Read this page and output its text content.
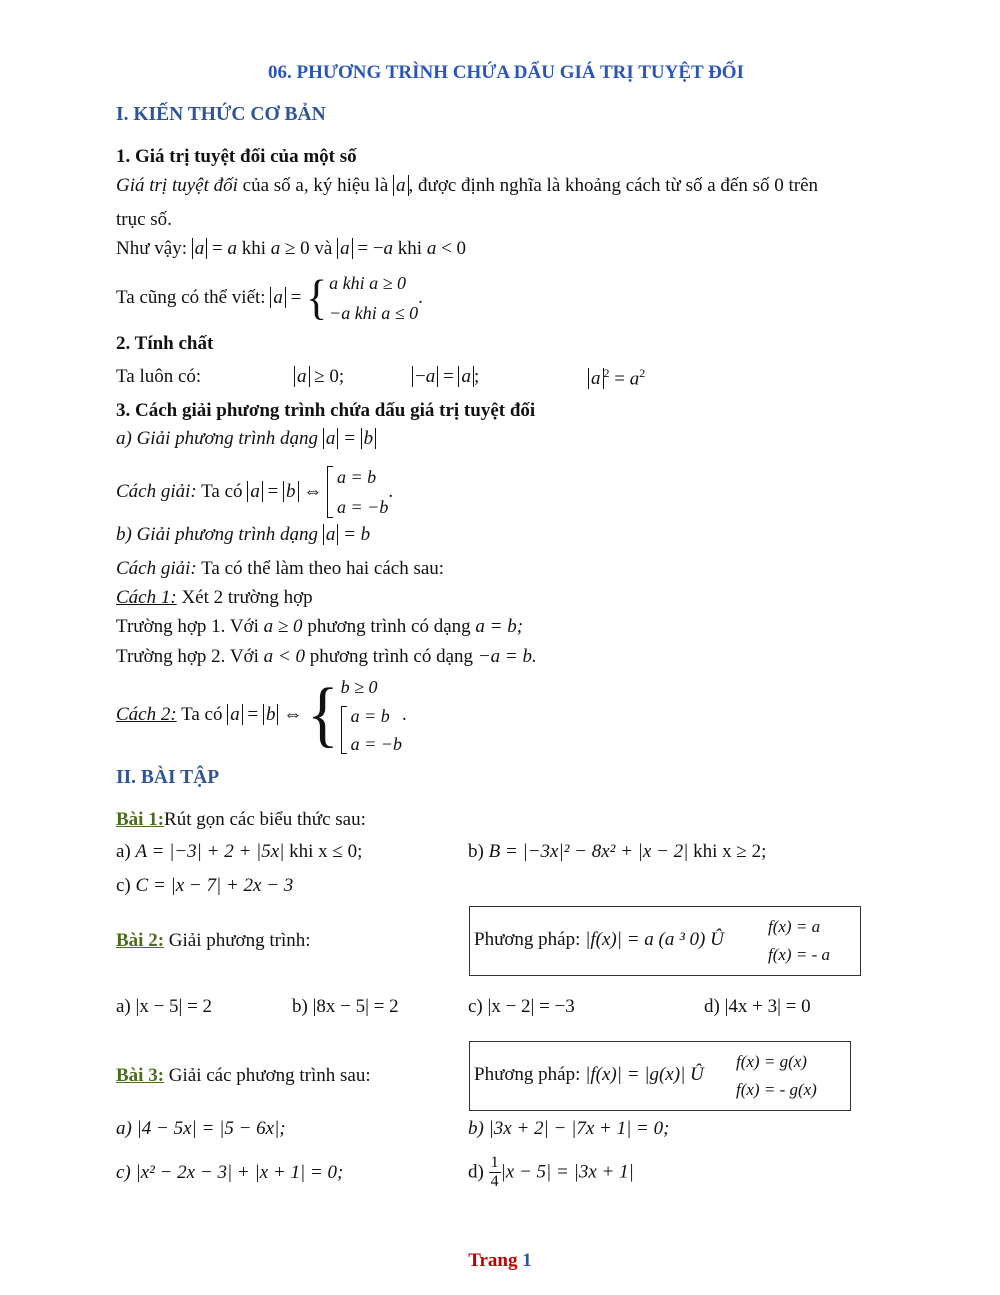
06. PHƯƠNG TRÌNH CHỨA DẤU GIÁ TRỊ TUYỆT ĐỐI
I. KIẾN THỨC CƠ BẢN
1. Giá trị tuyệt đối của một số
Giá trị tuyệt đối của số a, ký hiệu là a , được định nghĩa là khoảng cách từ số a đến số 0 trên
trục số.
Như vậy: a = a khi a ≥ 0 và a = −a khi a < 0
Ta cũng có thể viết: a = { a khi a ≥ 0
−a khi a ≤ 0
.
2. Tính chất
Ta luôn có:	a ≥ 0;	−a = a ;	a $^2 = a^2$
3. Cách giải phương trình chứa dấu giá trị tuyệt đối
a) Giải phương trình dạng a = b
Cách giải: Ta có a = b ⇔
a = b
a = −b
.
b) Giải phương trình dạng a = b
Cách giải: Ta có thể làm theo hai cách sau:
Cách 1: Xét 2 trường hợp
Trường hợp 1. Với a ≥ 0 phương trình có dạng a = b;
Trường hợp 2. Với a < 0 phương trình có dạng −a = b.
Cách 2: Ta có a = b ⇔ { b ≥ 0
a = b
a = −b
.
II. BÀI TẬP
Bài 1:Rút gọn các biểu thức sau:
a) A = |−3| + 2 + |5x| khi x ≤ 0;	b) B = |−3x|² − 8x² + |x − 2| khi x ≥ 2;
c) C = |x − 7| + 2x − 3
Bài 2: Giải phương trình:	Phương pháp: |f(x)| = a (a ³ 0) Û
f(x) = a
f(x) = - a
a) |x − 5| = 2	b) |8x − 5| = 2	c) |x − 2| = −3	d) |4x + 3| = 0
Bài 3: Giải các phương trình sau:	Phương pháp: |f(x)| = |g(x)| Û
f(x) = g(x)
f(x) = - g(x)
a) |4 − 5x| = |5 − 6x|;	b) |3x + 2| − |7x + 1| = 0;
c) |x² − 2x − 3| + |x + 1| = 0;	$d) \frac{1}{4} |x - 5| = |3x + 1|$
Trang 1
